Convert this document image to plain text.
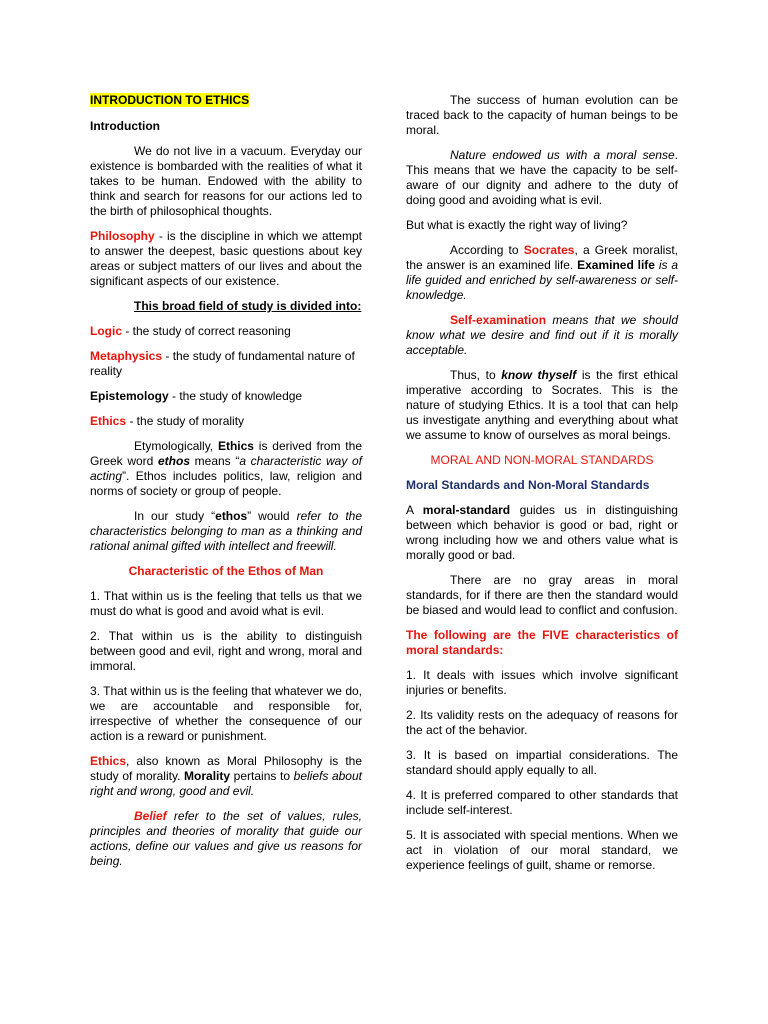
INTRODUCTION TO ETHICS

Introduction

We do not live in a vacuum. Everyday our existence is bombarded with the realities of what it takes to be human. Endowed with the ability to think and search for reasons for our actions led to the birth of philosophical thoughts.

Philosophy - is the discipline in which we attempt to answer the deepest, basic questions about key areas or subject matters of our lives and about the significant aspects of our existence.

This broad field of study is divided into:

Logic - the study of correct reasoning

Metaphysics - the study of fundamental nature of reality

Epistemology - the study of knowledge

Ethics - the study of morality

Etymologically, Ethics is derived from the Greek word ethos means “a characteristic way of acting”. Ethos includes politics, law, religion and norms of society or group of people.

In our study “ethos” would refer to the characteristics belonging to man as a thinking and rational animal gifted with intellect and freewill.

Characteristic of the Ethos of Man

1. That within us is the feeling that tells us that we must do what is good and avoid what is evil.

2. That within us is the ability to distinguish between good and evil, right and wrong, moral and immoral.

3. That within us is the feeling that whatever we do, we are accountable and responsible for, irrespective of whether the consequence of our action is a reward or punishment.

Ethics, also known as Moral Philosophy is the study of morality. Morality pertains to beliefs about right and wrong, good and evil.

Belief refer to the set of values, rules, principles and theories of morality that guide our actions, define our values and give us reasons for being.

The success of human evolution can be traced back to the capacity of human beings to be moral.

Nature endowed us with a moral sense. This means that we have the capacity to be self-aware of our dignity and adhere to the duty of doing good and avoiding what is evil.

But what is exactly the right way of living?

According to Socrates, a Greek moralist, the answer is an examined life. Examined life is a life guided and enriched by self-awareness or self-knowledge.

Self-examination means that we should know what we desire and find out if it is morally acceptable.

Thus, to know thyself is the first ethical imperative according to Socrates. This is the nature of studying Ethics. It is a tool that can help us investigate anything and everything about what we assume to know of ourselves as moral beings.

MORAL AND NON-MORAL STANDARDS

Moral Standards and Non-Moral Standards

A moral-standard guides us in distinguishing between which behavior is good or bad, right or wrong including how we and others value what is morally good or bad.

There are no gray areas in moral standards, for if there are then the standard would be biased and would lead to conflict and confusion.

The following are the FIVE characteristics of moral standards:

1. It deals with issues which involve significant injuries or benefits.

2. Its validity rests on the adequacy of reasons for the act of the behavior.

3. It is based on impartial considerations. The standard should apply equally to all.

4. It is preferred compared to other standards that include self-interest.

5. It is associated with special mentions. When we act in violation of our moral standard, we experience feelings of guilt, shame or remorse.
